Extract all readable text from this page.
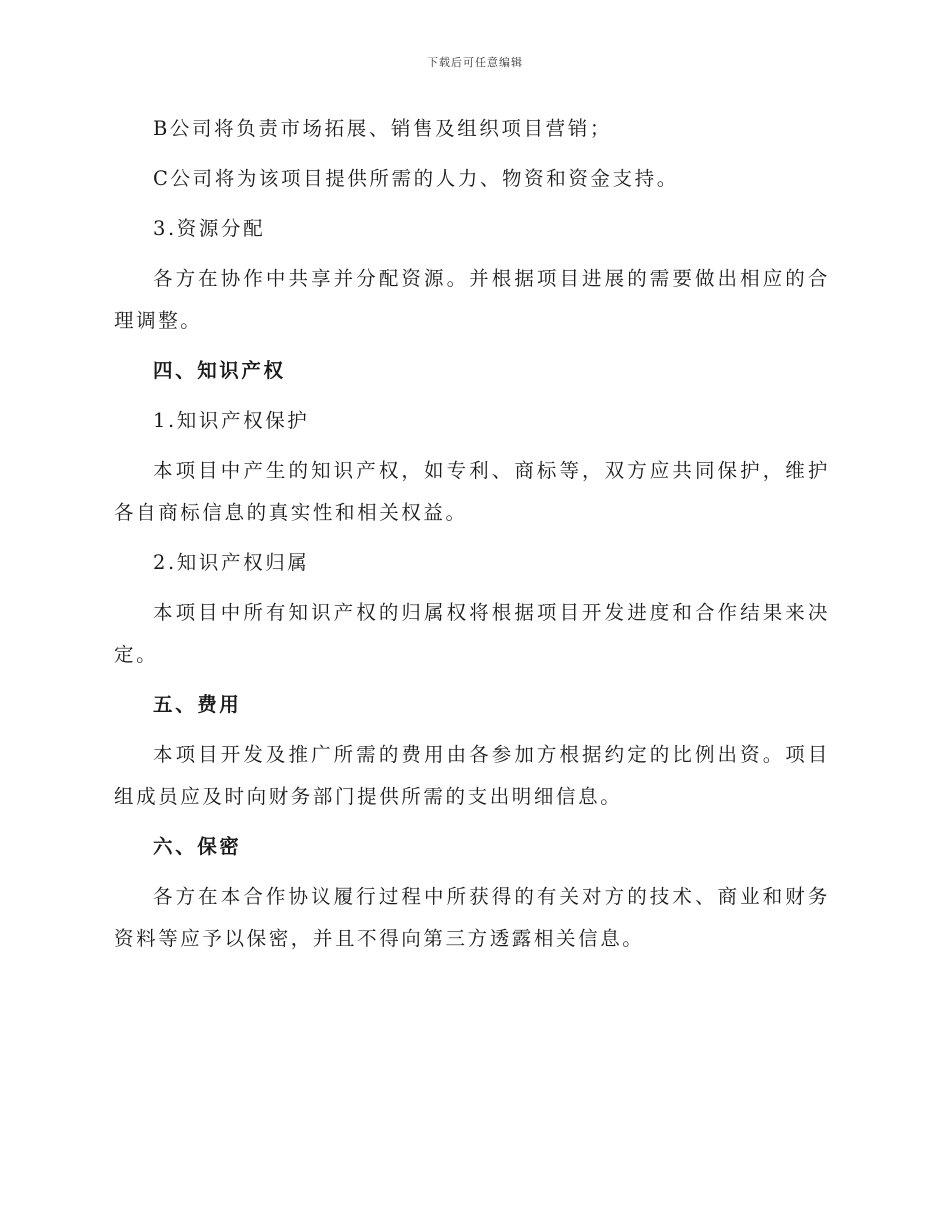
下载后可任意编辑

B公司将负责市场拓展、销售及组织项目营销；

C公司将为该项目提供所需的人力、物资和资金支持。

3.资源分配

各方在协作中共享并分配资源。并根据项目进展的需要做出相应的合理调整。

四、知识产权

1.知识产权保护

本项目中产生的知识产权，如专利、商标等，双方应共同保护，维护各自商标信息的真实性和相关权益。

2.知识产权归属

本项目中所有知识产权的归属权将根据项目开发进度和合作结果来决定。

五、费用

本项目开发及推广所需的费用由各参加方根据约定的比例出资。项目组成员应及时向财务部门提供所需的支出明细信息。

六、保密

各方在本合作协议履行过程中所获得的有关对方的技术、商业和财务资料等应予以保密，并且不得向第三方透露相关信息。
